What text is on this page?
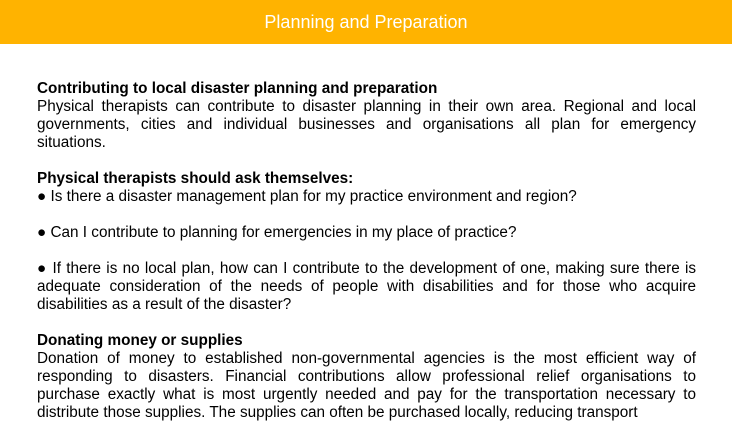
Planning and Preparation
Contributing to local disaster planning and preparation

Physical therapists can contribute to disaster planning in their own area. Regional and local governments, cities and individual businesses and organisations all plan for emergency situations.

Physical therapists should ask themselves:

● Is there a disaster management plan for my practice environment and region?

● Can I contribute to planning for emergencies in my place of practice?

● If there is no local plan, how can I contribute to the development of one, making sure there is adequate consideration of the needs of people with disabilities and for those who acquire disabilities as a result of the disaster?

Donating money or supplies

Donation of money to established non-governmental agencies is the most efficient way of responding to disasters. Financial contributions allow professional relief organisations to purchase exactly what is most urgently needed and pay for the transportation necessary to distribute those supplies. The supplies can often be purchased locally, reducing transport
